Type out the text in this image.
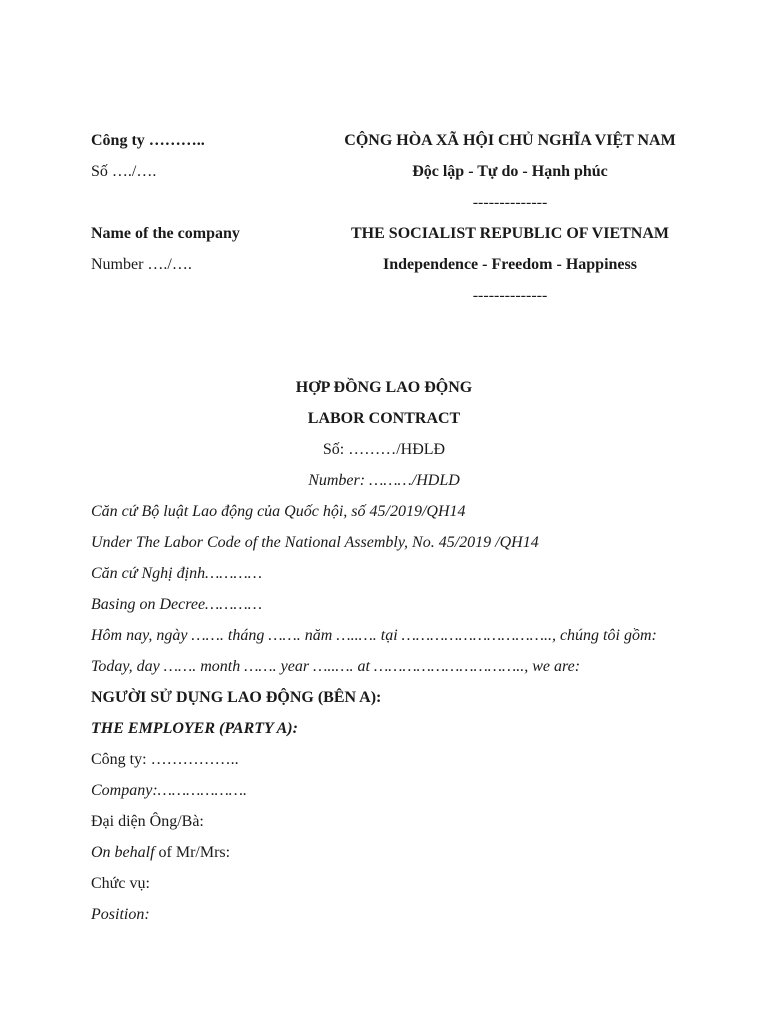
Công ty ………..
Số …./….
Name of the company
Number …./….
CỘNG HÒA XÃ HỘI CHỦ NGHĨA VIỆT NAM
Độc lập - Tự do - Hạnh phúc
--------------
THE SOCIALIST REPUBLIC OF VIETNAM
Independence - Freedom - Happiness
--------------
HỢP ĐỒNG LAO ĐỘNG
LABOR CONTRACT
Số: ………/HĐLĐ
Number: ………/HDLD
Căn cứ Bộ luật Lao động của Quốc hội, số 45/2019/QH14
Under The Labor Code of the National Assembly, No. 45/2019 /QH14
Căn cứ Nghị định…………
Basing on Decree…………
Hôm nay, ngày ……. tháng ……. năm …..…. tại ………………………….., chúng tôi gồm:
Today, day ……. month ……. year …..…. at ………………………….., we are:
NGƯỜI SỬ DỤNG LAO ĐỘNG (BÊN A):
THE EMPLOYER (PARTY A):
Công ty: ……………..
Company:……………….
Đại diện Ông/Bà:
On behalf of Mr/Mrs:
Chức vụ:
Position:
